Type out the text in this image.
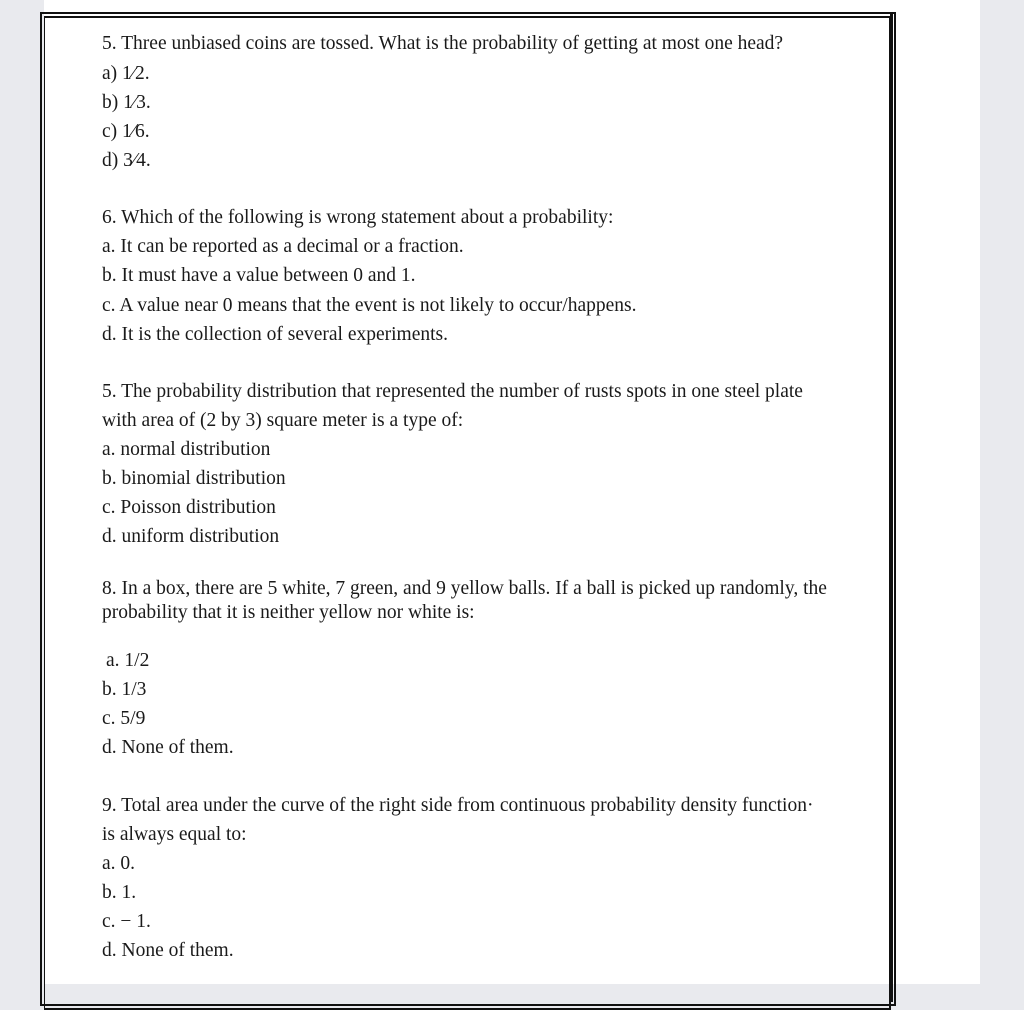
5. Three unbiased coins are tossed. What is the probability of getting at most one head?
a) 1⁄2.
b) 1⁄3.
c) 1⁄6.
d) 3⁄4.
6. Which of the following is wrong statement about a probability:
a. It can be reported as a decimal or a fraction.
b. It must have a value between 0 and 1.
c. A value near 0 means that the event is not likely to occur/happens.
d. It is the collection of several experiments.
5. The probability distribution that represented the number of rusts spots in one steel plate
with area of (2 by 3) square meter is a type of:
a. normal distribution
b. binomial distribution
c. Poisson distribution
d. uniform distribution
8. In a box, there are 5 white, 7 green, and 9 yellow balls. If a ball is picked up randomly, the
probability that it is neither yellow nor white is:
a. 1/2
b. 1/3
c. 5/9
d. None of them.
9. Total area under the curve of the right side from continuous probability density function·
is always equal to:
a. 0.
b. 1.
c. − 1.
d. None of them.
